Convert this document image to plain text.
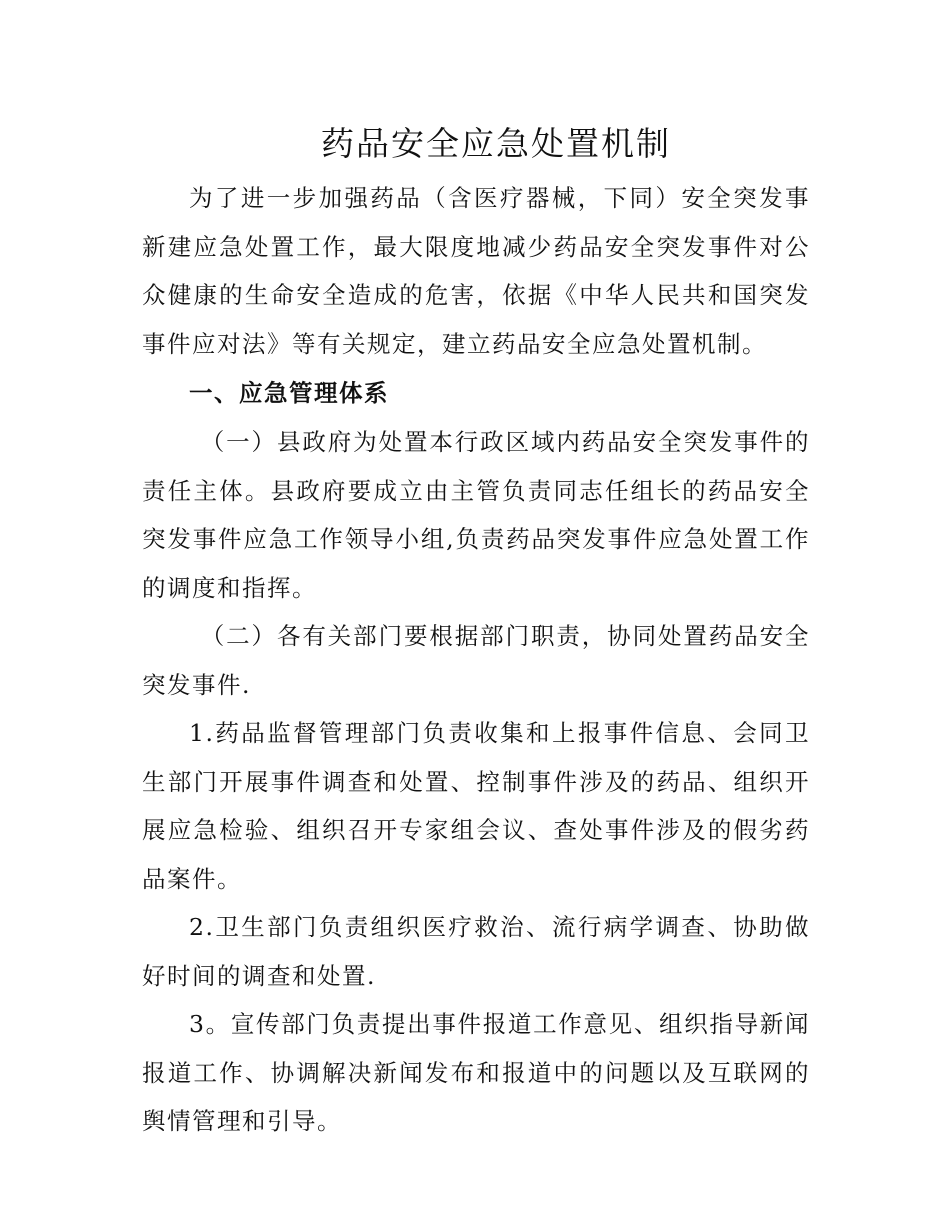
药品安全应急处置机制

为了进一步加强药品（含医疗器械，下同）安全突发事新建应急处置工作，最大限度地减少药品安全突发事件对公众健康的生命安全造成的危害，依据《中华人民共和国突发事件应对法》等有关规定，建立药品安全应急处置机制。

一、应急管理体系

（一）县政府为处置本行政区域内药品安全突发事件的责任主体。县政府要成立由主管负责同志任组长的药品安全突发事件应急工作领导小组,负责药品突发事件应急处置工作的调度和指挥。

（二）各有关部门要根据部门职责，协同处置药品安全突发事件.

1.药品监督管理部门负责收集和上报事件信息、会同卫生部门开展事件调查和处置、控制事件涉及的药品、组织开展应急检验、组织召开专家组会议、查处事件涉及的假劣药品案件。

2.卫生部门负责组织医疗救治、流行病学调查、协助做好时间的调查和处置.

3。宣传部门负责提出事件报道工作意见、组织指导新闻报道工作、协调解决新闻发布和报道中的问题以及互联网的舆情管理和引导。
